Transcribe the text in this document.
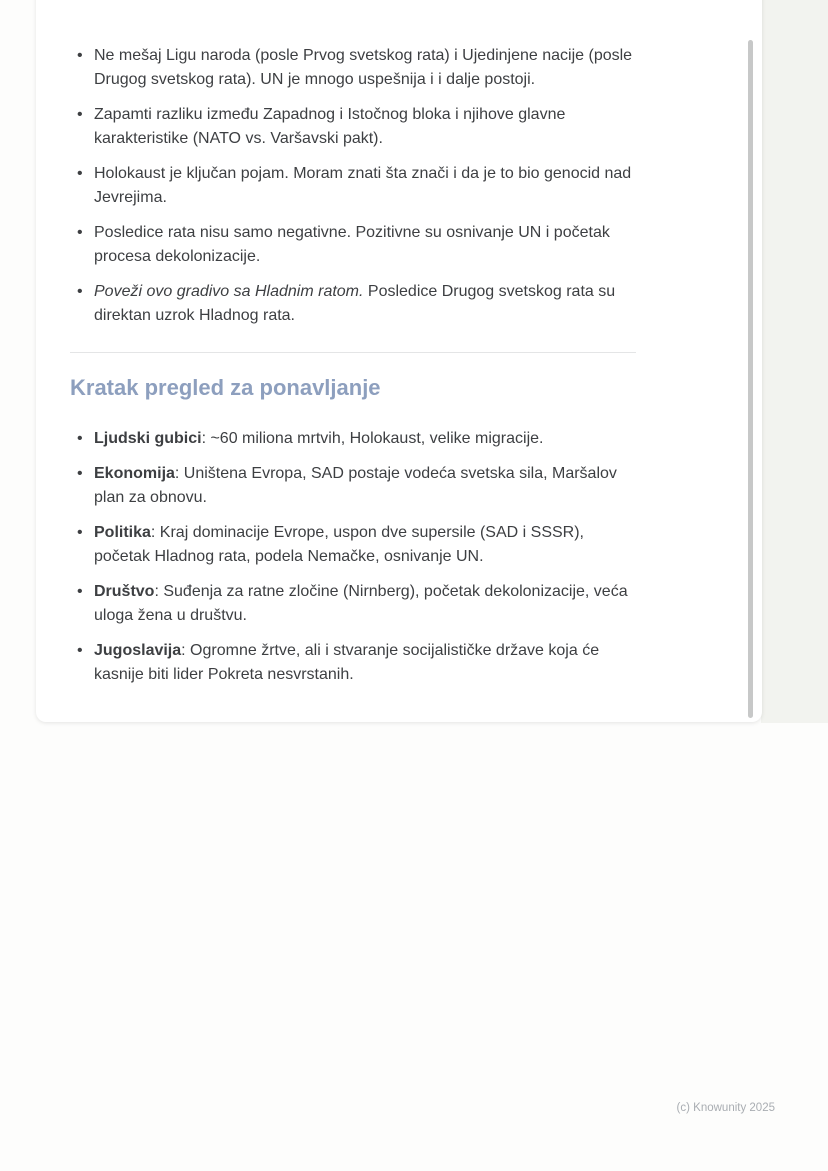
• Ne mešaj Ligu naroda (posle Prvog svetskog rata) i Ujedinjene nacije (posle Drugog svetskog rata). UN je mnogo uspešnija i i dalje postoji.
• Zapamti razliku između Zapadnog i Istočnog bloka i njihove glavne karakteristike (NATO vs. Varšavski pakt).
• Holokaust je ključan pojam. Moram znati šta znači i da je to bio genocid nad Jevrejima.
• Posledice rata nisu samo negativne. Pozitivne su osnivanje UN i početak procesa dekolonizacije.
• Poveži ovo gradivo sa Hladnim ratom. Posledice Drugog svetskog rata su direktan uzrok Hladnog rata.
Kratak pregled za ponavljanje
• Ljudski gubici: ~60 miliona mrtvih, Holokaust, velike migracije.
• Ekonomija: Uništena Evropa, SAD postaje vodeća svetska sila, Maršalov plan za obnovu.
• Politika: Kraj dominacije Evrope, uspon dve supersile (SAD i SSSR), početak Hladnog rata, podela Nemačke, osnivanje UN.
• Društvo: Suđenja za ratne zločine (Nirnberg), početak dekolonizacije, veća uloga žena u društvu.
• Jugoslavija: Ogromne žrtve, ali i stvaranje socijalističke države koja će kasnije biti lider Pokreta nesvrstanih.
(c) Knowunity 2025
